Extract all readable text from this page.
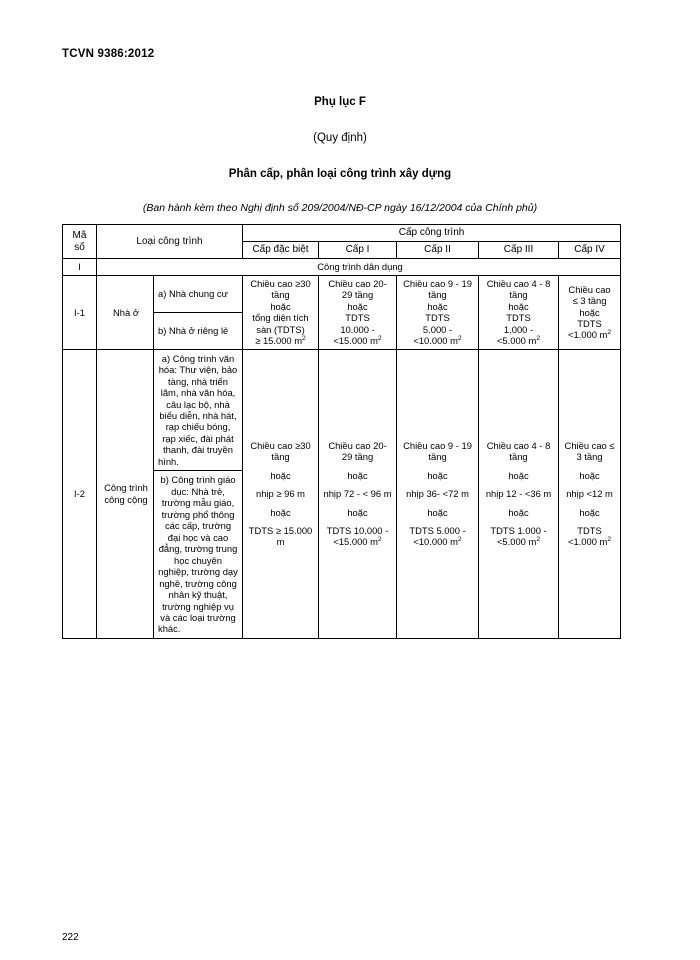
TCVN 9386:2012

Phụ lục F

(Quy định)

Phân cấp, phân loại công trình xây dựng

(Ban hành kèm theo Nghị định số 209/2004/NĐ-CP ngày 16/12/2004 của Chính phủ)

Mã số	Loại công trình		Cấp công trình				
			Cấp đặc biệt	Cấp I	Cấp II	Cấp III	Cấp IV
I	Công trình dân dụng						
I-1	Nhà ở	a) Nhà chung cư	Chiều cao ≥30 tầng
hoặc
tổng diện tích sàn (TDTS)
≥ 15.000 $m^2$	Chiều cao 20- 29 tầng
hoặc
TDTS
10.000 -
<15.000 $m^2$	Chiều cao 9 - 19 tầng
hoặc
TDTS
5.000 -
<10.000 $m^2$	Chiều cao 4 - 8 tầng
hoặc
TDTS
1.000 -
<5.000 $m^2$	Chiều cao
≤ 3 tầng
hoặc
TDTS
<1.000 $m^2$
		b) Nhà ở riêng lẻ					
I-2	Công trình công cộng	a) Công trình văn hóa: Thư viện, bảo tàng, nhà triển lãm, nhà văn hóa, câu lạc bộ, nhà biểu diễn, nhà hát, rạp chiếu bóng, rạp xiếc, đài phát thanh, đài truyền hình.	Chiều cao ≥30 tầng
hoặc
nhịp ≥ 96 m
hoặc
TDTS ≥ 15.000 m	Chiều cao 20- 29 tầng
hoặc
nhịp 72 - < 96 m
hoặc
TDTS 10.000 -
<15.000 $m^2$	Chiều cao 9 - 19 tầng
hoặc
nhịp 36- <72 m
hoặc
TDTS 5.000 -
<10.000 $m^2$	Chiều cao 4 - 8 tầng
hoặc
nhịp 12 - <36 m
hoặc
TDTS 1.000 -
<5.000 $m^2$	Chiều cao ≤ 3 tầng
hoặc
nhịp <12 m
hoặc
TDTS <1.000 $m^2$
		b) Công trình giáo dục: Nhà trẻ, trường mẫu giáo, trường phổ thông các cấp, trường đại học và cao đẳng, trường trung học chuyên nghiệp, trường dạy nghề, trường công nhân kỹ thuật, trường nghiệp vụ và các loại trường khác.					
222
